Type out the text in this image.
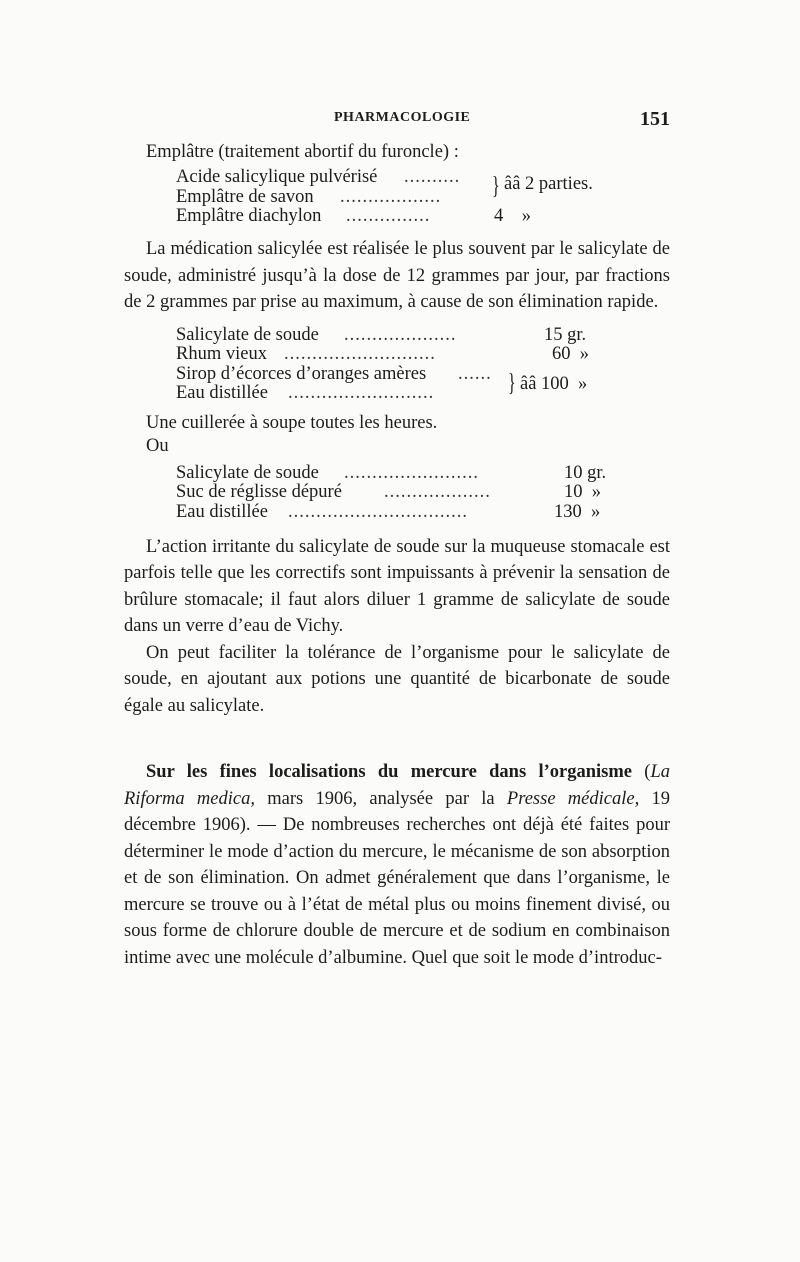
PHARMACOLOGIE	151
Emplâtre (traitement abortif du furoncle) :
Acide salicylique pulvérisé ..........
Emplâtre de savon ..................
Emplâtre diachylon ...............	4    »
} ââ 2 parties.

La médication salicylée est réalisée le plus souvent par le salicylate de soude, administré jusqu’à la dose de 12 grammes par jour, par fractions de 2 grammes par prise au maximum, à cause de son élimination rapide.

Salicylate de soude ....................	15 gr.
Rhum vieux ...........................	60  »
Sirop d’écorces d’oranges amères ......
Eau distillée ..........................	} ââ 100  »
Une cuillerée à soupe toutes les heures.
Ou
Salicylate de soude ........................	10 gr.
Suc de réglisse dépuré ...................	10  »
Eau distillée ................................	130  »

L’action irritante du salicylate de soude sur la muqueuse stomacale est parfois telle que les correctifs sont impuissants à prévenir la sensation de brûlure stomacale; il faut alors diluer 1 gramme de salicylate de soude dans un verre d’eau de Vichy.

On peut faciliter la tolérance de l’organisme pour le salicylate de soude, en ajoutant aux potions une quantité de bicarbonate de soude égale au salicylate.

Sur les fines localisations du mercure dans l’organisme (La Riforma medica, mars 1906, analysée par la Presse médicale, 19 décembre 1906). — De nombreuses recherches ont déjà été faites pour déterminer le mode d’action du mercure, le mécanisme de son absorption et de son élimination. On admet généralement que dans l’organisme, le mercure se trouve ou à l’état de métal plus ou moins finement divisé, ou sous forme de chlorure double de mercure et de sodium en combinaison intime avec une molécule d’albumine. Quel que soit le mode d’introduc-
